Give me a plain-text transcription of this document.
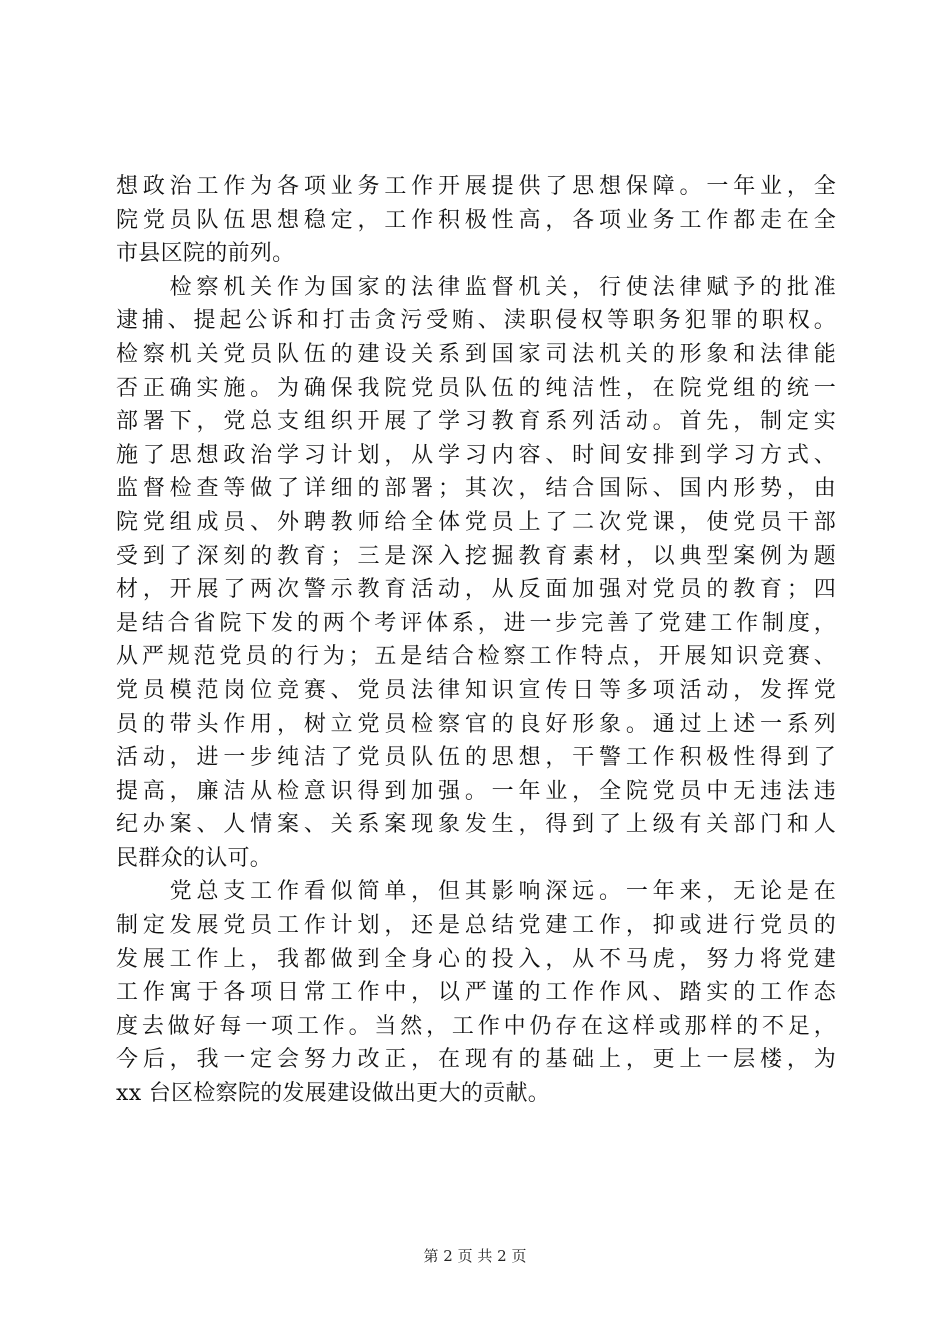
想政治工作为各项业务工作开展提供了思想保障。一年业，全
院党员队伍思想稳定，工作积极性高，各项业务工作都走在全
市县区院的前列。
　　检察机关作为国家的法律监督机关，行使法律赋予的批准
逮捕、提起公诉和打击贪污受贿、渎职侵权等职务犯罪的职权。
检察机关党员队伍的建设关系到国家司法机关的形象和法律能
否正确实施。为确保我院党员队伍的纯洁性，在院党组的统一
部署下，党总支组织开展了学习教育系列活动。首先，制定实
施了思想政治学习计划，从学习内容、时间安排到学习方式、
监督检查等做了详细的部署；其次，结合国际、国内形势，由
院党组成员、外聘教师给全体党员上了二次党课，使党员干部
受到了深刻的教育；三是深入挖掘教育素材，以典型案例为题
材，开展了两次警示教育活动，从反面加强对党员的教育；四
是结合省院下发的两个考评体系，进一步完善了党建工作制度，
从严规范党员的行为；五是结合检察工作特点，开展知识竞赛、
党员模范岗位竞赛、党员法律知识宣传日等多项活动，发挥党
员的带头作用，树立党员检察官的良好形象。通过上述一系列
活动，进一步纯洁了党员队伍的思想，干警工作积极性得到了
提高，廉洁从检意识得到加强。一年业，全院党员中无违法违
纪办案、人情案、关系案现象发生，得到了上级有关部门和人
民群众的认可。
　　党总支工作看似简单，但其影响深远。一年来，无论是在
制定发展党员工作计划，还是总结党建工作，抑或进行党员的
发展工作上，我都做到全身心的投入，从不马虎，努力将党建
工作寓于各项日常工作中，以严谨的工作作风、踏实的工作态
度去做好每一项工作。当然，工作中仍存在这样或那样的不足，
今后，我一定会努力改正，在现有的基础上，更上一层楼，为
xx 台区检察院的发展建设做出更大的贡献。
第 2 页 共 2 页
